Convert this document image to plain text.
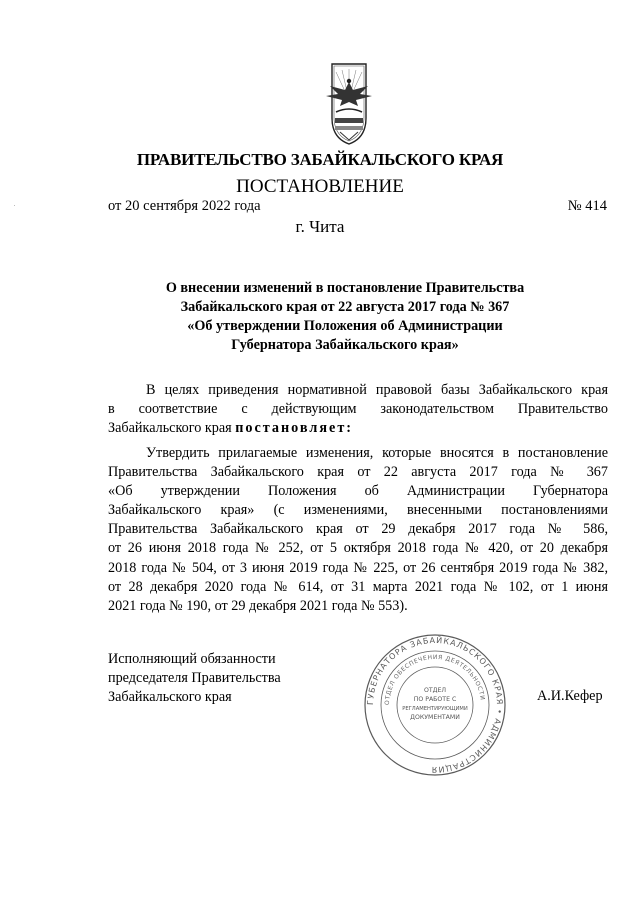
ПРАВИТЕЛЬСТВО ЗАБАЙКАЛЬСКОГО КРАЯ
ПОСТАНОВЛЕНИЕ
от 20 сентября 2022 года	№ 414
г. Чита
О внесении изменений в постановление Правительства
Забайкальского края от 22 августа 2017 года № 367
«Об утверждении Положения об Администрации
Губернатора Забайкальского края»
В целях приведения нормативной правовой базы Забайкальского края
в соответствие с действующим законодательством Правительство
Забайкальского края постановляет:
Утвердить прилагаемые изменения, которые вносятся в постановление
Правительства Забайкальского края от 22 августа 2017 года № 367
«Об утверждении Положения об Администрации Губернатора
Забайкальского края» (с изменениями, внесенными постановлениями
Правительства Забайкальского края от 29 декабря 2017 года № 586,
от 26 июня 2018 года № 252, от 5 октября 2018 года № 420, от 20 декабря
2018 года № 504, от 3 июня 2019 года № 225, от 26 сентября 2019 года № 382,
от 28 декабря 2020 года № 614, от 31 марта 2021 года № 102, от 1 июня
2021 года № 190, от 29 декабря 2021 года № 553).
ГУБЕРНАТОРА ЗАБАЙКАЛЬСКОГО КРАЯ • АДМИНИСТРАЦИЯ
ОТДЕЛ ОБЕСПЕЧЕНИЯ ДЕЯТЕЛЬНОСТИ
ОТДЕЛ
ПО РАБОТЕ С
РЕГЛАМЕНТИРУЮЩИМИ
ДОКУМЕНТАМИ
Исполняющий обязанности
председателя Правительства
Забайкальского края	А.И.Кефер
